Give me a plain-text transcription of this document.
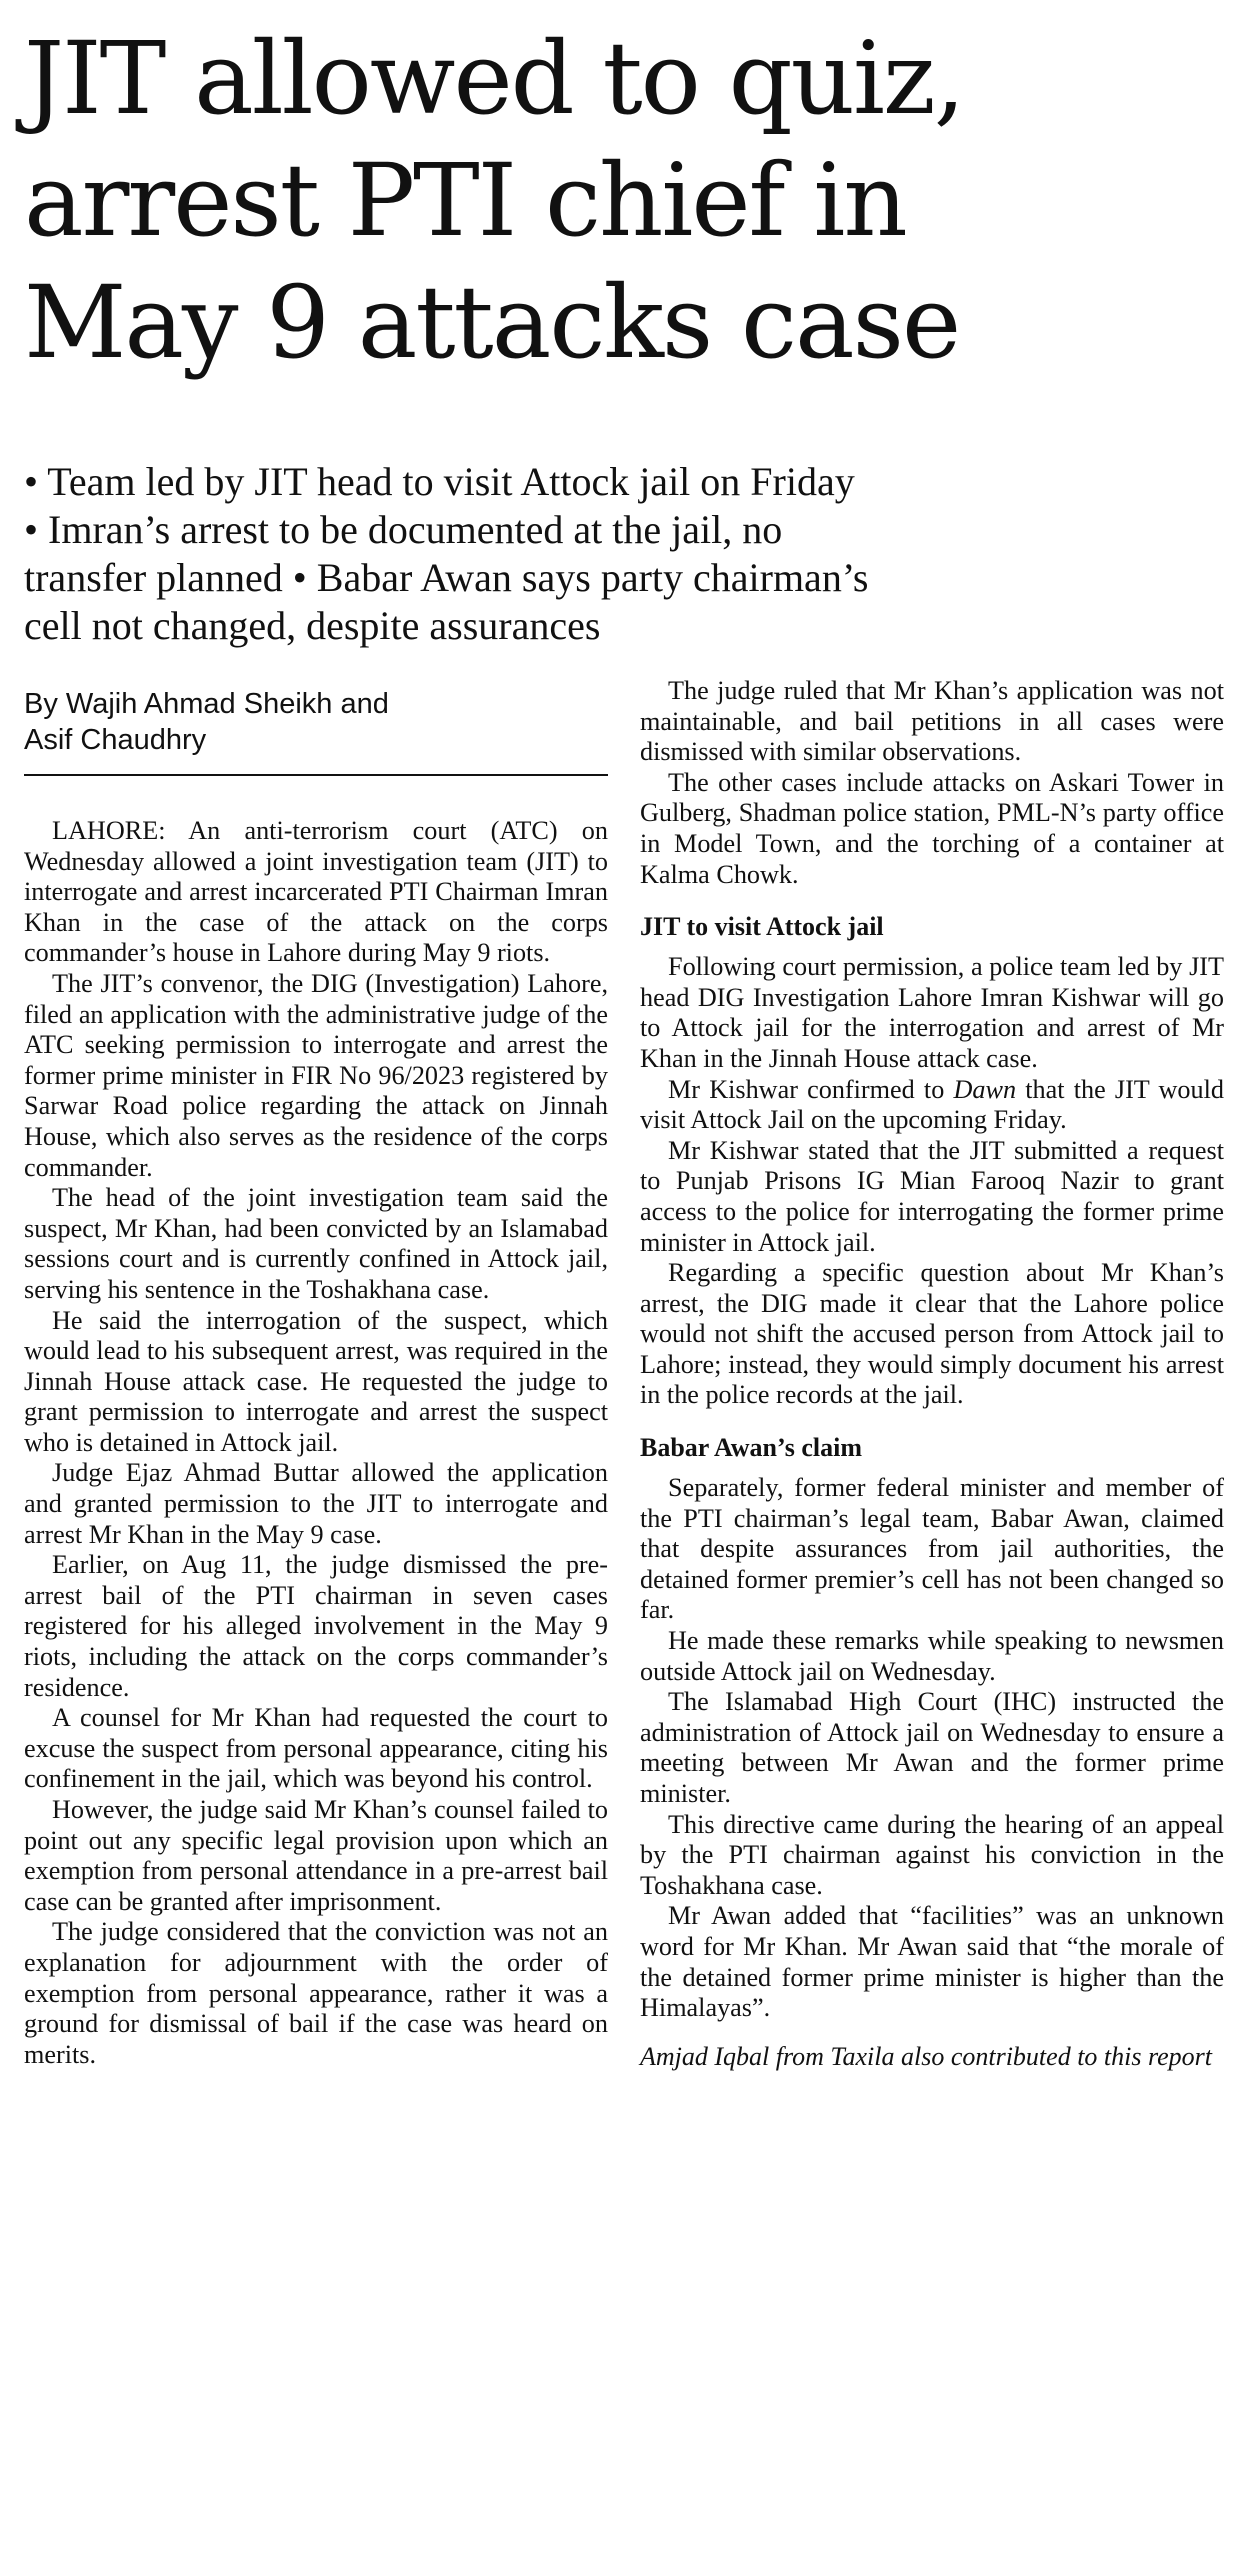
JIT allowed to quiz,
arrest PTI chief in
May 9 attacks case
• Team led by JIT head to visit Attock jail on Friday
• Imran’s arrest to be documented at the jail, no
transfer planned • Babar Awan says party chairman’s
cell not changed, despite assurances
By Wajih Ahmad Sheikh and
Asif Chaudhry

LAHORE: An anti-terrorism court (ATC) on Wednesday allowed a joint investigation team (JIT) to interrogate and arrest incarcerated PTI Chairman Imran Khan in the case of the attack on the corps commander’s house in Lahore during May 9 riots.

The JIT’s convenor, the DIG (Investigation) Lahore, filed an application with the administrative judge of the ATC seeking permission to interrogate and arrest the former prime minister in FIR No 96/2023 registered by Sarwar Road police regarding the attack on Jinnah House, which also serves as the residence of the corps commander.

The head of the joint investigation team said the suspect, Mr Khan, had been convicted by an Islamabad sessions court and is currently confined in Attock jail, serving his sentence in the Toshakhana case.

He said the interrogation of the suspect, which would lead to his subsequent arrest, was required in the Jinnah House attack case. He requested the judge to grant permission to interrogate and arrest the suspect who is detained in Attock jail.

Judge Ejaz Ahmad Buttar allowed the application and granted permission to the JIT to interrogate and arrest Mr Khan in the May 9 case.

Earlier, on Aug 11, the judge dismissed the pre-arrest bail of the PTI chairman in seven cases registered for his alleged involvement in the May 9 riots, including the attack on the corps commander’s residence.

A counsel for Mr Khan had requested the court to excuse the suspect from personal appearance, citing his confinement in the jail, which was beyond his control.

However, the judge said Mr Khan’s counsel failed to point out any specific legal provision upon which an exemption from personal attendance in a pre-arrest bail case can be granted after imprisonment.

The judge considered that the conviction was not an explanation for adjournment with the order of exemption from personal appearance, rather it was a ground for dismissal of bail if the case was heard on merits.

The judge ruled that Mr Khan’s application was not maintainable, and bail petitions in all cases were dismissed with similar observations.

The other cases include attacks on Askari Tower in Gulberg, Shadman police station, PML-N’s party office in Model Town, and the torching of a container at Kalma Chowk.

JIT to visit Attock jail

Following court permission, a police team led by JIT head DIG Investigation Lahore Imran Kishwar will go to Attock jail for the interrogation and arrest of Mr Khan in the Jinnah House attack case.

Mr Kishwar confirmed to Dawn that the JIT would visit Attock Jail on the upcoming Friday.

Mr Kishwar stated that the JIT submitted a request to Punjab Prisons IG Mian Farooq Nazir to grant access to the police for interrogating the former prime minister in Attock jail.

Regarding a specific question about Mr Khan’s arrest, the DIG made it clear that the Lahore police would not shift the accused person from Attock jail to Lahore; instead, they would simply document his arrest in the police records at the jail.

Babar Awan’s claim

Separately, former federal minister and member of the PTI chairman’s legal team, Babar Awan, claimed that despite assurances from jail authorities, the detained former premier’s cell has not been changed so far.

He made these remarks while speaking to newsmen outside Attock jail on Wednesday.

The Islamabad High Court (IHC) instructed the administration of Attock jail on Wednesday to ensure a meeting between Mr Awan and the former prime minister.

This directive came during the hearing of an appeal by the PTI chairman against his conviction in the Toshakhana case.

Mr Awan added that “facilities” was an unknown word for Mr Khan. Mr Awan said that “the morale of the detained former prime minister is higher than the Himalayas”.

Amjad Iqbal from Taxila also contributed to this report
